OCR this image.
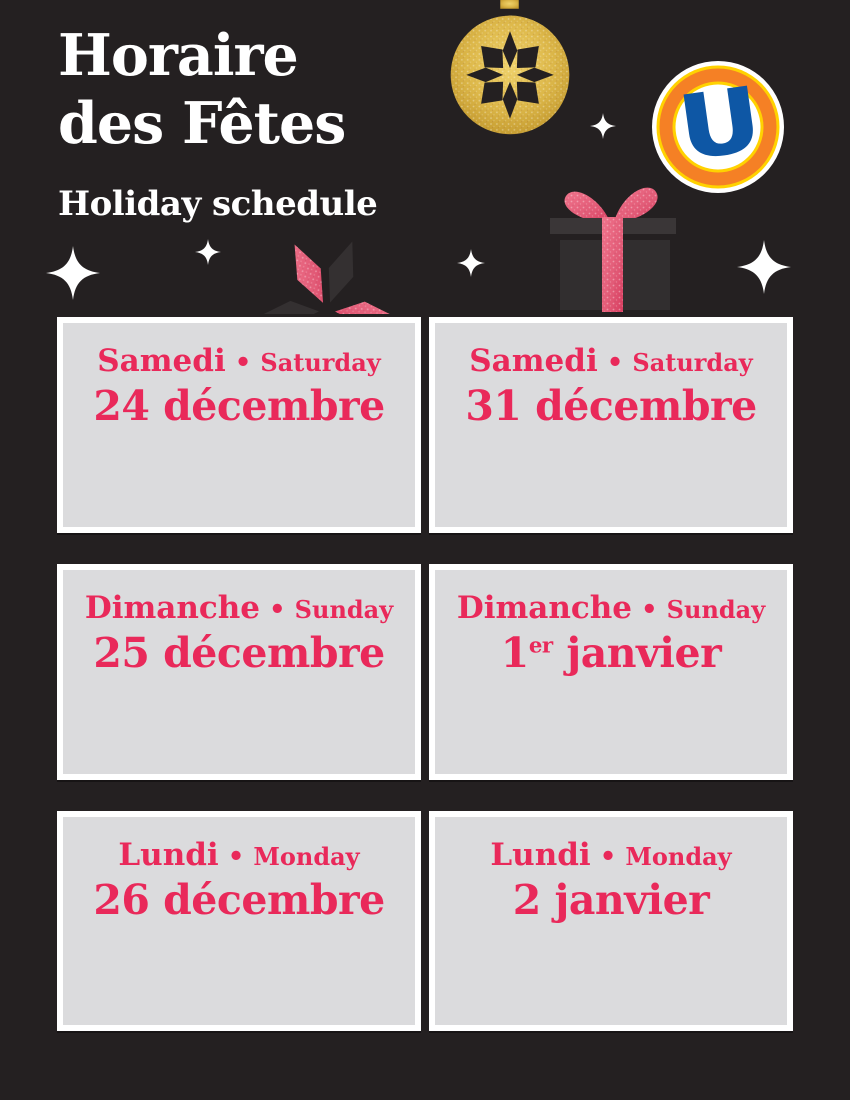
Horaire
des Fêtes
Holiday schedule
Samedi • Saturday
24 décembre
Samedi • Saturday
31 décembre
Dimanche • Sunday
25 décembre
Dimanche • Sunday
1er janvier
Lundi • Monday
26 décembre
Lundi • Monday
2 janvier
